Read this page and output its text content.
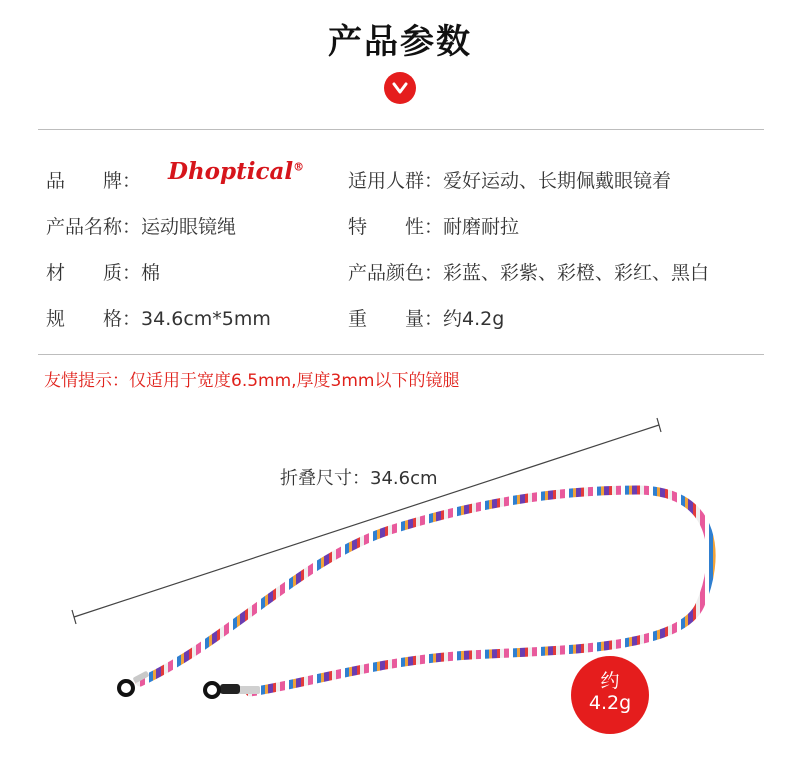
产品参数
品　　牌： Dhoptical®
产品名称：运动眼镜绳
材　　质：棉
规　　格：34.6cm*5mm
适用人群：爱好运动、长期佩戴眼镜着
特　　性：耐磨耐拉
产品颜色：彩蓝、彩紫、彩橙、彩红、黑白
重　　量：约4.2g
友情提示：仅适用于宽度6.5mm,厚度3mm以下的镜腿
折叠尺寸：34.6cm
约
4.2g
